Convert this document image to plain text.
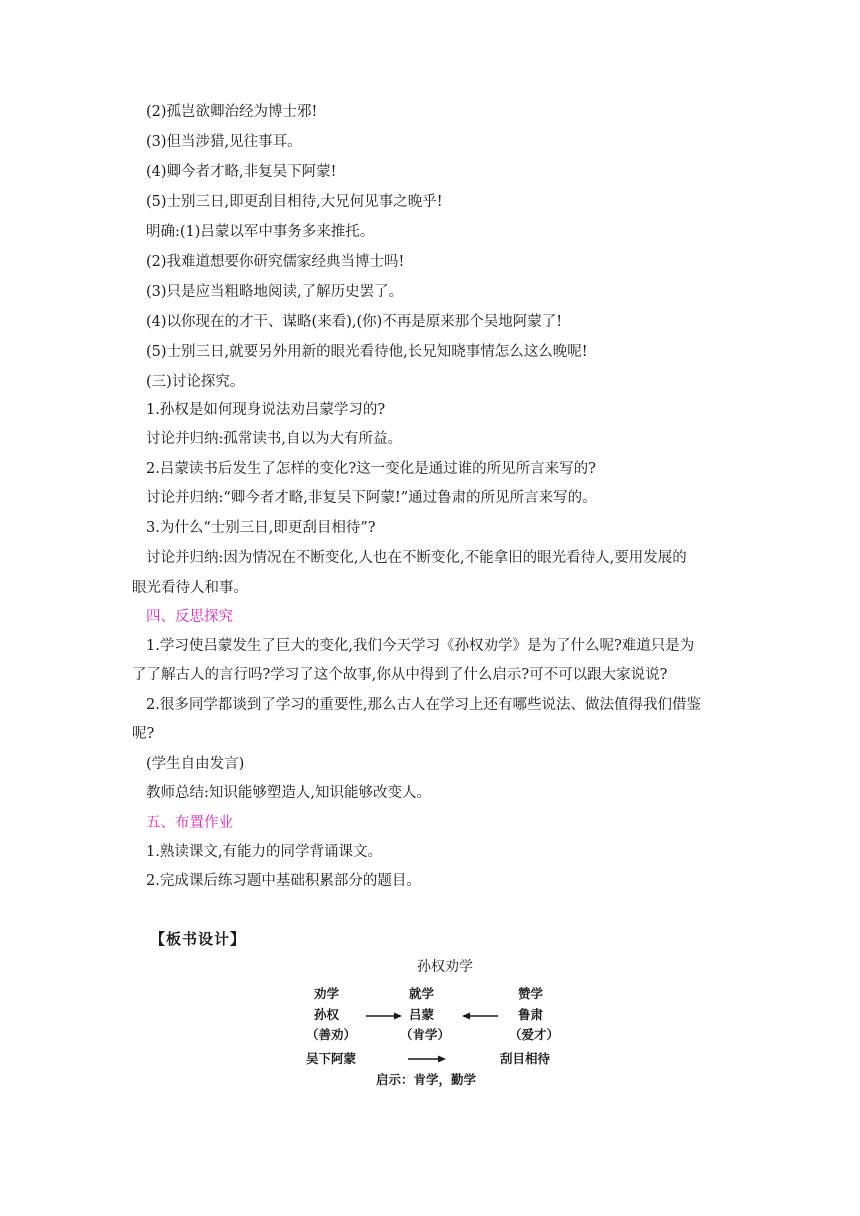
(2)孤岂欲卿治经为博士邪!
(3)但当涉猎,见往事耳。
(4)卿今者才略,非复吴下阿蒙!
(5)士别三日,即更刮目相待,大兄何见事之晚乎!
明确:(1)吕蒙以军中事务多来推托。
(2)我难道想要你研究儒家经典当博士吗!
(3)只是应当粗略地阅读,了解历史罢了。
(4)以你现在的才干、谋略(来看),(你)不再是原来那个吴地阿蒙了!
(5)士别三日,就要另外用新的眼光看待他,长兄知晓事情怎么这么晚呢!
(三)讨论探究。
1.孙权是如何现身说法劝吕蒙学习的?
讨论并归纳:孤常读书,自以为大有所益。
2.吕蒙读书后发生了怎样的变化?这一变化是通过谁的所见所言来写的?
讨论并归纳:“卿今者才略,非复吴下阿蒙!”通过鲁肃的所见所言来写的。
3.为什么“士别三日,即更刮目相待”?
讨论并归纳:因为情况在不断变化,人也在不断变化,不能拿旧的眼光看待人,要用发展的
眼光看待人和事。
四、反思探究
1.学习使吕蒙发生了巨大的变化,我们今天学习《孙权劝学》是为了什么呢?难道只是为
了了解古人的言行吗?学习了这个故事,你从中得到了什么启示?可不可以跟大家说说?
2.很多同学都谈到了学习的重要性,那么古人在学习上还有哪些说法、做法值得我们借鉴
呢?
(学生自由发言)
教师总结:知识能够塑造人,知识能够改变人。
五、布置作业
1.熟读课文,有能力的同学背诵课文。
2.完成课后练习题中基础积累部分的题目。
【板书设计】
孙权劝学
劝学	就学	赞学
孙权	吕蒙	鲁肃
（善劝）	（肯学）	（爱才）
吴下阿蒙	刮目相待
启示：肯学，勤学
